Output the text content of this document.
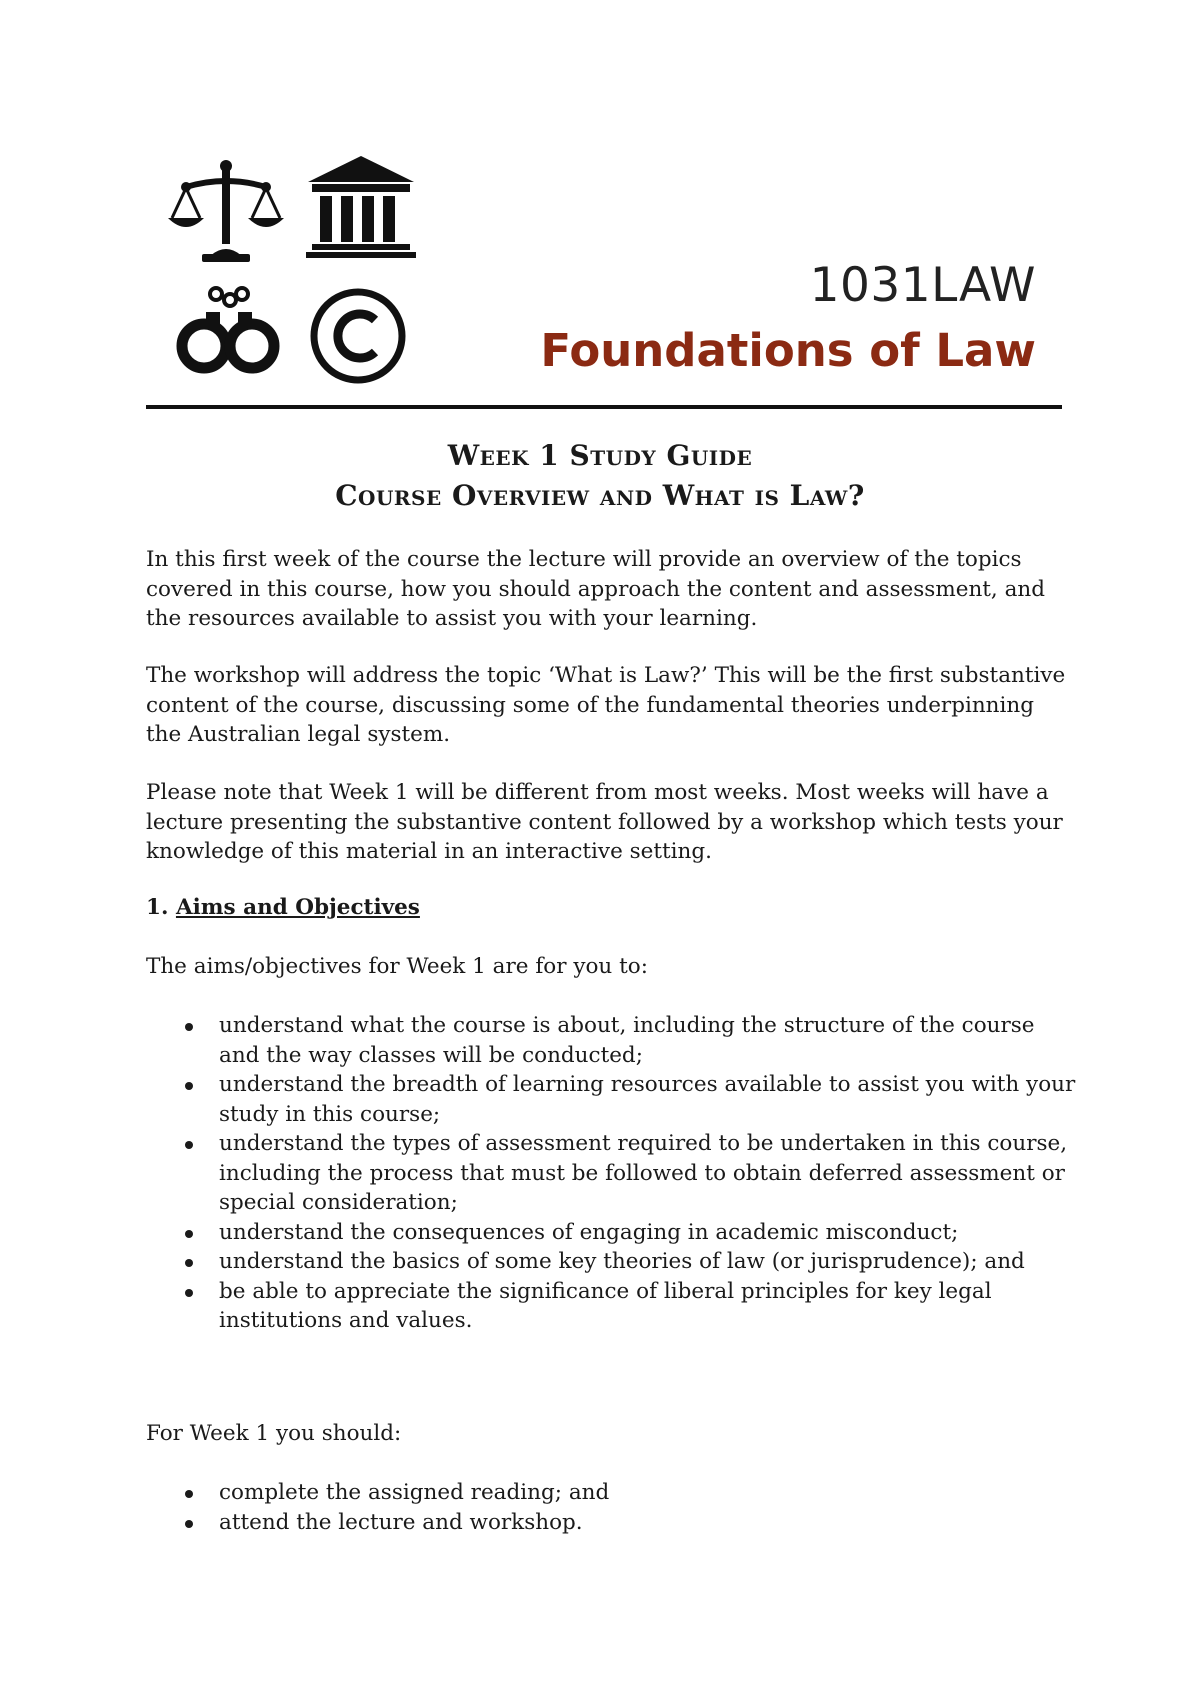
1031LAW
Foundations of Law
Week 1 Study Guide
Course Overview and What is Law?

In this first week of the course the lecture will provide an overview of the topics covered in this course, how you should approach the content and assessment, and the resources available to assist you with your learning.

The workshop will address the topic ‘What is Law?’ This will be the first substantive content of the course, discussing some of the fundamental theories underpinning the Australian legal system.

Please note that Week 1 will be different from most weeks. Most weeks will have a lecture presenting the substantive content followed by a workshop which tests your knowledge of this material in an interactive setting.

1. Aims and Objectives

The aims/objectives for Week 1 are for you to:

understand what the course is about, including the structure of the course and the way classes will be conducted;
understand the breadth of learning resources available to assist you with your study in this course;
understand the types of assessment required to be undertaken in this course, including the process that must be followed to obtain deferred assessment or special consideration;
understand the consequences of engaging in academic misconduct;
understand the basics of some key theories of law (or jurisprudence); and
be able to appreciate the significance of liberal principles for key legal institutions and values.

For Week 1 you should:

complete the assigned reading; and
attend the lecture and workshop.
